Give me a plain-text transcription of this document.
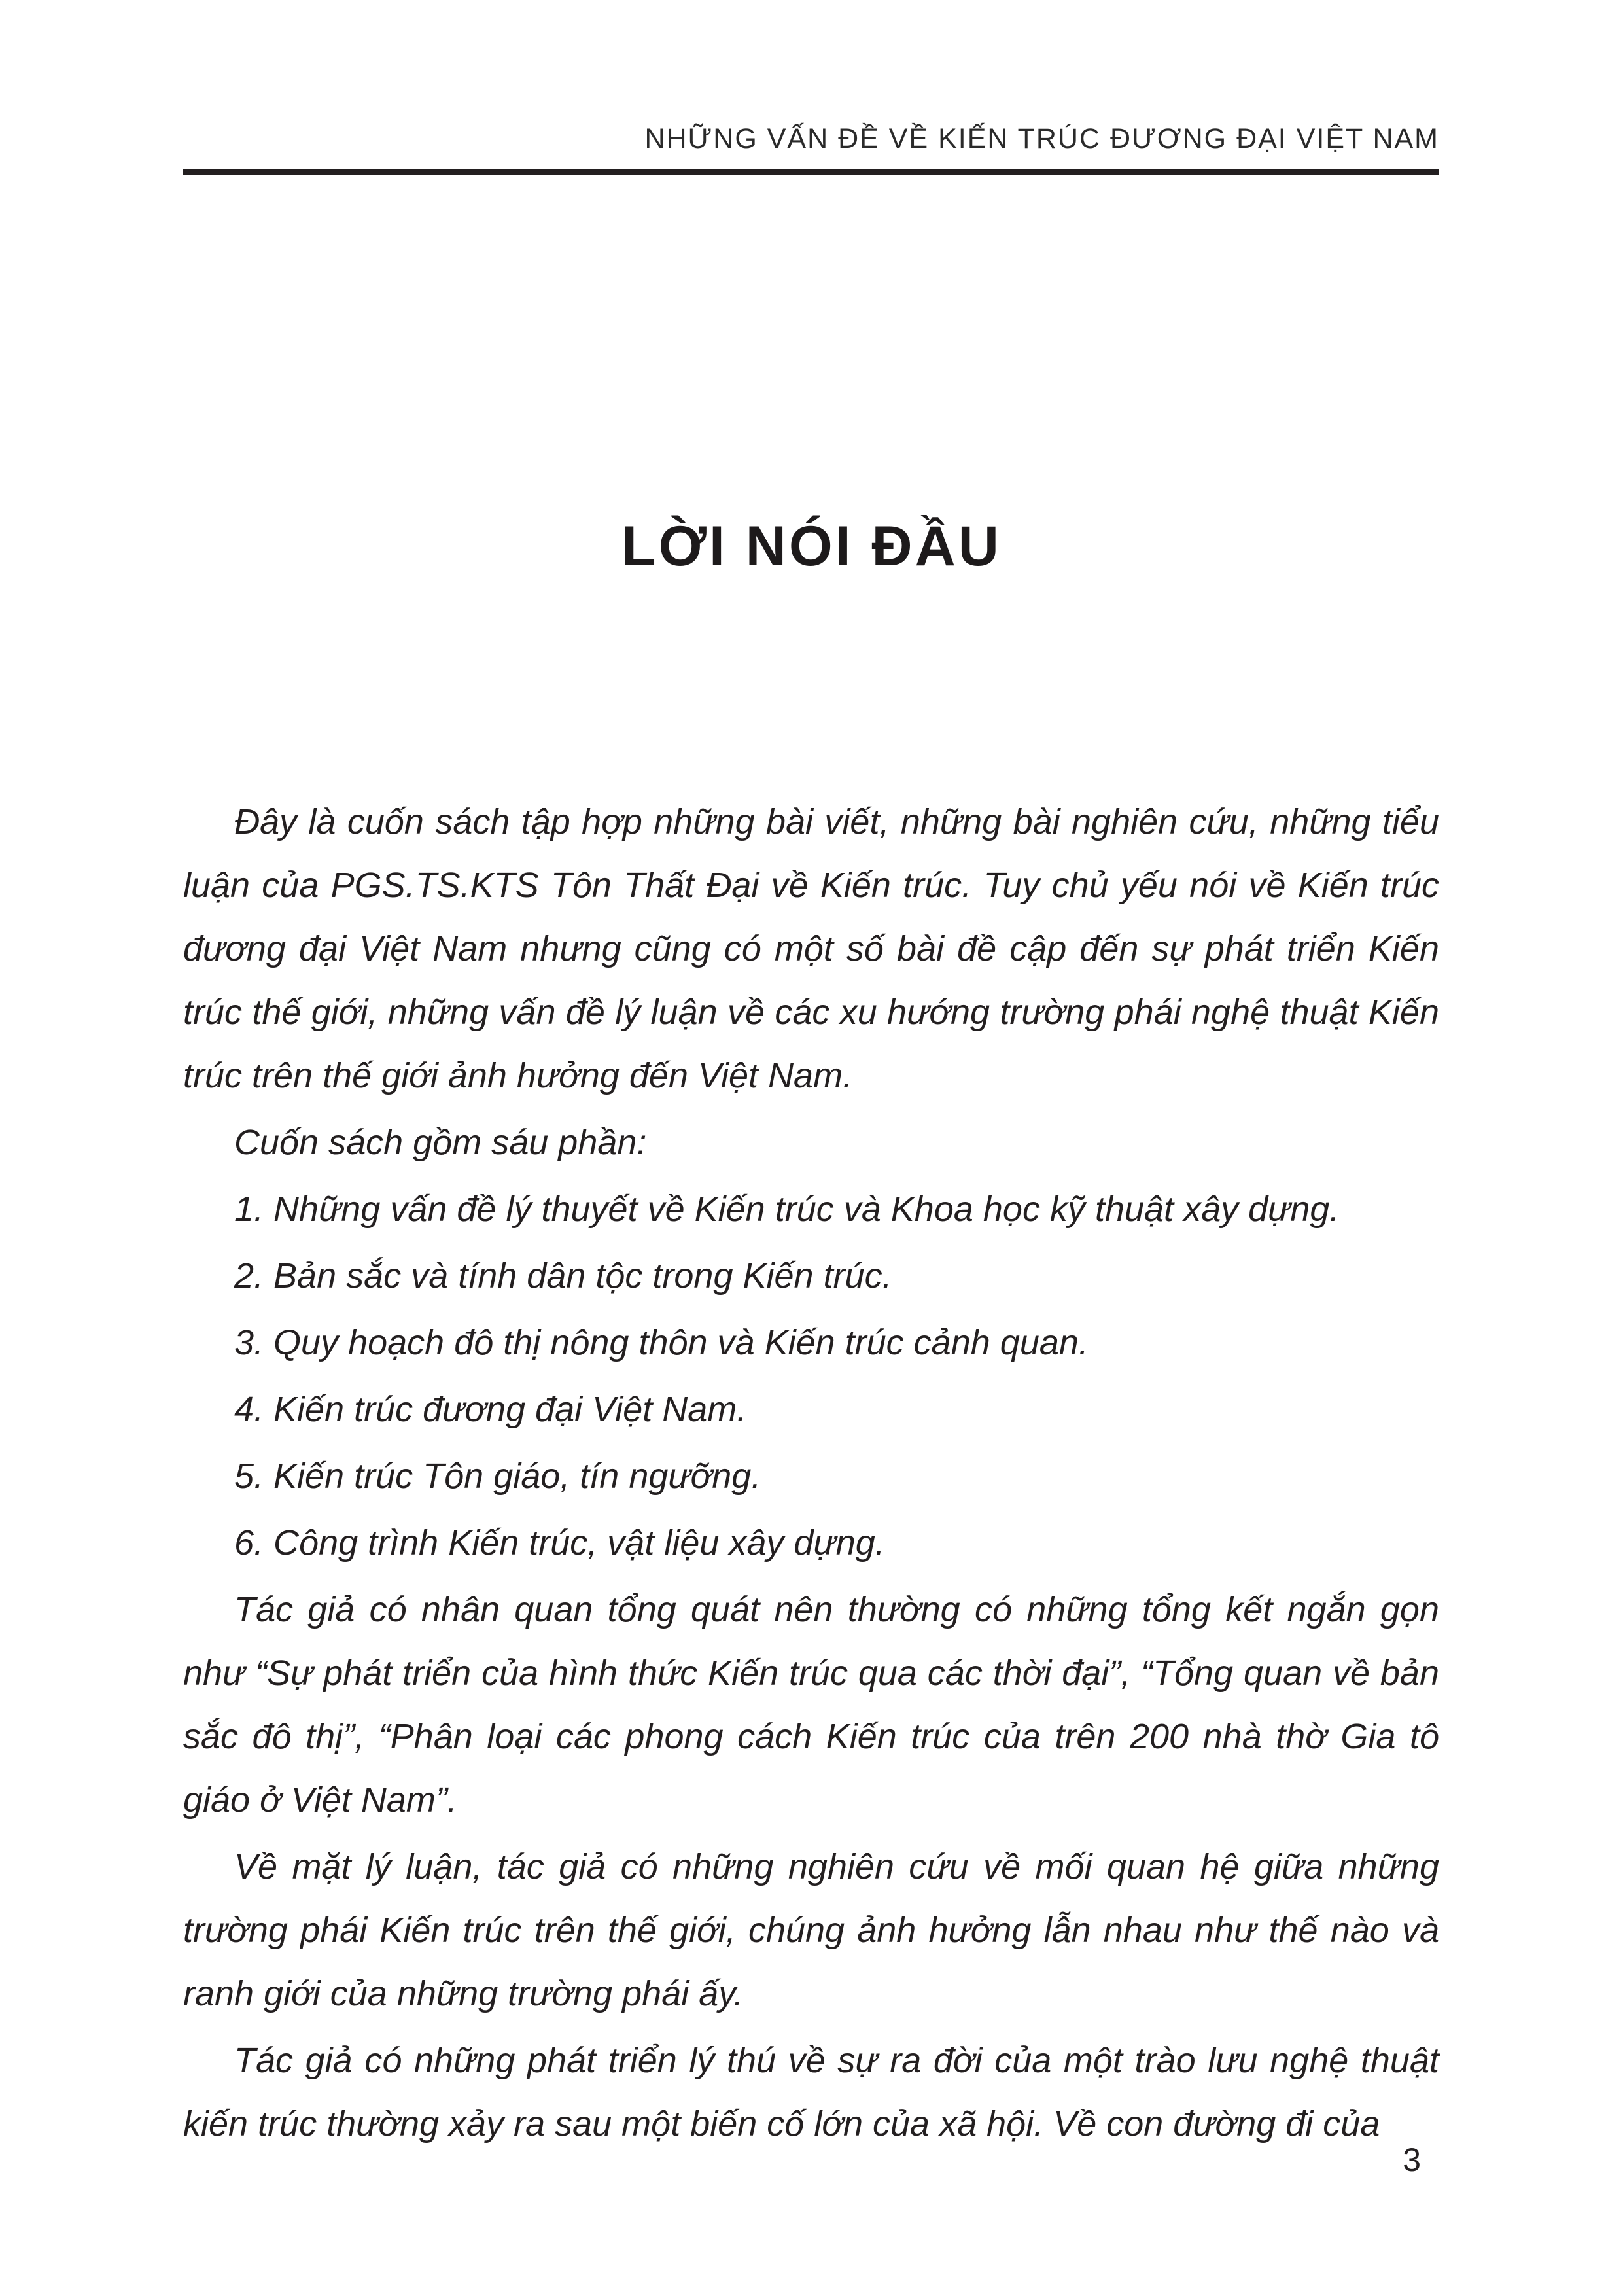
NHỮNG VẤN ĐỀ VỀ KIẾN TRÚC ĐƯƠNG ĐẠI VIỆT NAM
LỜI NÓI ĐẦU

Đây là cuốn sách tập hợp những bài viết, những bài nghiên cứu, những tiểu luận của PGS.TS.KTS Tôn Thất Đại về Kiến trúc. Tuy chủ yếu nói về Kiến trúc đương đại Việt Nam nhưng cũng có một số bài đề cập đến sự phát triển Kiến trúc thế giới, những vấn đề lý luận về các xu hướng trường phái nghệ thuật Kiến trúc trên thế giới ảnh hưởng đến Việt Nam.

Cuốn sách gồm sáu phần:

1. Những vấn đề lý thuyết về Kiến trúc và Khoa học kỹ thuật xây dựng.

2. Bản sắc và tính dân tộc trong Kiến trúc.

3. Quy hoạch đô thị nông thôn và Kiến trúc cảnh quan.

4. Kiến trúc đương đại Việt Nam.

5. Kiến trúc Tôn giáo, tín ngưỡng.

6. Công trình Kiến trúc, vật liệu xây dựng.

Tác giả có nhân quan tổng quát nên thường có những tổng kết ngắn gọn như “Sự phát triển của hình thức Kiến trúc qua các thời đại”, “Tổng quan về bản sắc đô thị”, “Phân loại các phong cách Kiến trúc của trên 200 nhà thờ Gia tô giáo ở Việt Nam”.

Về mặt lý luận, tác giả có những nghiên cứu về mối quan hệ giữa những trường phái Kiến trúc trên thế giới, chúng ảnh hưởng lẫn nhau như thế nào và ranh giới của những trường phái ấy.

Tác giả có những phát triển lý thú về sự ra đời của một trào lưu nghệ thuật kiến trúc thường xảy ra sau một biến cố lớn của xã hội. Về con đường đi của

3
